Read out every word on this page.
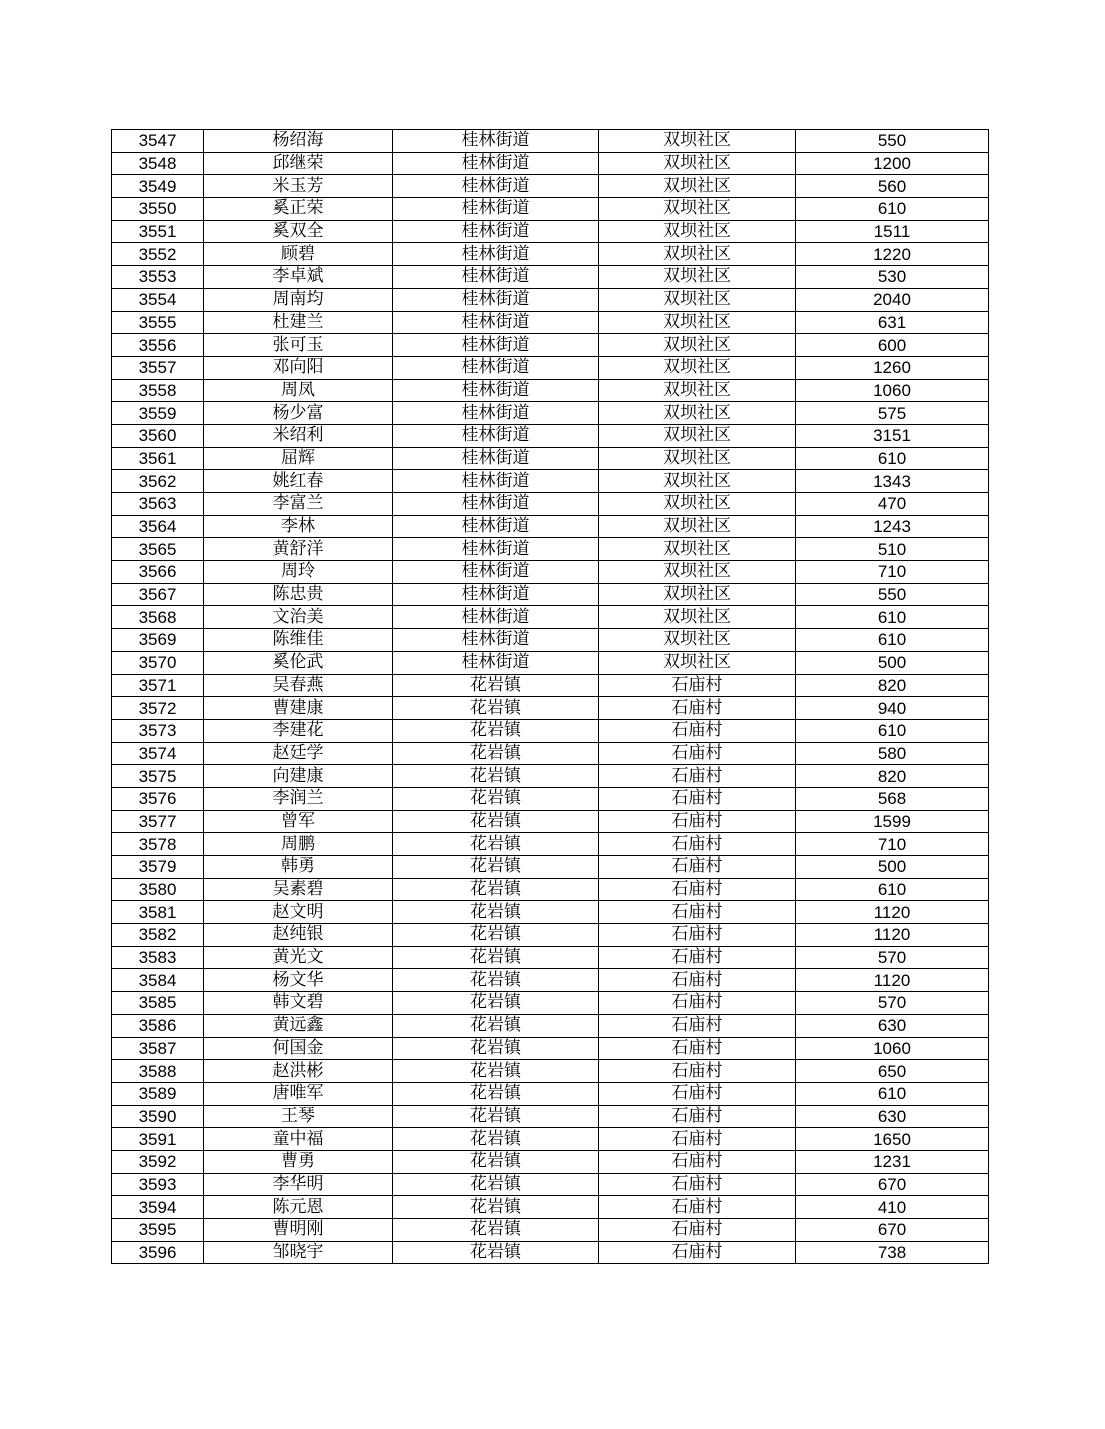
3547	杨绍海	桂林街道	双坝社区	550
3548	邱继荣	桂林街道	双坝社区	1200
3549	米玉芳	桂林街道	双坝社区	560
3550	奚正荣	桂林街道	双坝社区	610
3551	奚双全	桂林街道	双坝社区	1511
3552	顾碧	桂林街道	双坝社区	1220
3553	李卓斌	桂林街道	双坝社区	530
3554	周南均	桂林街道	双坝社区	2040
3555	杜建兰	桂林街道	双坝社区	631
3556	张可玉	桂林街道	双坝社区	600
3557	邓向阳	桂林街道	双坝社区	1260
3558	周凤	桂林街道	双坝社区	1060
3559	杨少富	桂林街道	双坝社区	575
3560	米绍利	桂林街道	双坝社区	3151
3561	屈辉	桂林街道	双坝社区	610
3562	姚红春	桂林街道	双坝社区	1343
3563	李富兰	桂林街道	双坝社区	470
3564	李林	桂林街道	双坝社区	1243
3565	黄舒洋	桂林街道	双坝社区	510
3566	周玲	桂林街道	双坝社区	710
3567	陈忠贵	桂林街道	双坝社区	550
3568	文治美	桂林街道	双坝社区	610
3569	陈维佳	桂林街道	双坝社区	610
3570	奚伦武	桂林街道	双坝社区	500
3571	吴春燕	花岩镇	石庙村	820
3572	曹建康	花岩镇	石庙村	940
3573	李建花	花岩镇	石庙村	610
3574	赵廷学	花岩镇	石庙村	580
3575	向建康	花岩镇	石庙村	820
3576	李润兰	花岩镇	石庙村	568
3577	曾军	花岩镇	石庙村	1599
3578	周鹏	花岩镇	石庙村	710
3579	韩勇	花岩镇	石庙村	500
3580	吴素碧	花岩镇	石庙村	610
3581	赵文明	花岩镇	石庙村	1120
3582	赵纯银	花岩镇	石庙村	1120
3583	黄光文	花岩镇	石庙村	570
3584	杨文华	花岩镇	石庙村	1120
3585	韩文碧	花岩镇	石庙村	570
3586	黄远鑫	花岩镇	石庙村	630
3587	何国金	花岩镇	石庙村	1060
3588	赵洪彬	花岩镇	石庙村	650
3589	唐唯军	花岩镇	石庙村	610
3590	王琴	花岩镇	石庙村	630
3591	童中福	花岩镇	石庙村	1650
3592	曹勇	花岩镇	石庙村	1231
3593	李华明	花岩镇	石庙村	670
3594	陈元恩	花岩镇	石庙村	410
3595	曹明刚	花岩镇	石庙村	670
3596	邹晓宇	花岩镇	石庙村	738
